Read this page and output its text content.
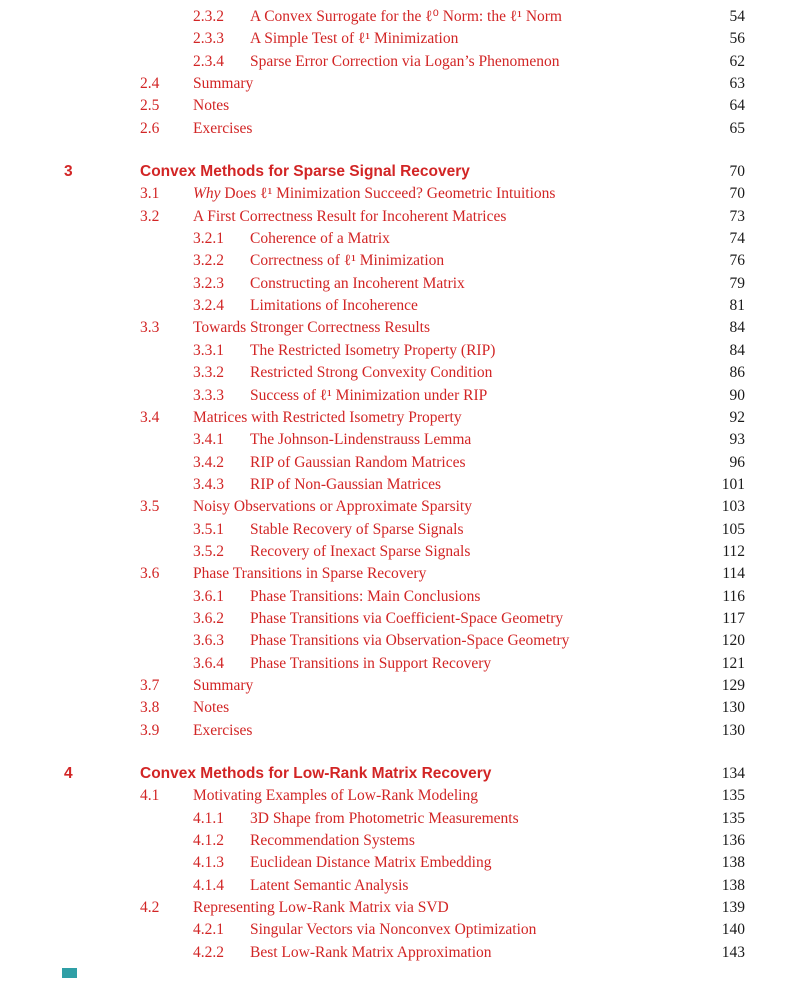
2.3.2 A Convex Surrogate for the ℓ⁰ Norm: the ℓ¹ Norm	54
2.3.3 A Simple Test of ℓ¹ Minimization	56
2.3.4 Sparse Error Correction via Logan’s Phenomenon	62
2.4 Summary	63
2.5 Notes	64
2.6 Exercises	65
3	Convex Methods for Sparse Signal Recovery	70
3.1 Why Does ℓ¹ Minimization Succeed? Geometric Intuitions	70
3.2 A First Correctness Result for Incoherent Matrices	73
3.2.1 Coherence of a Matrix	74
3.2.2 Correctness of ℓ¹ Minimization	76
3.2.3 Constructing an Incoherent Matrix	79
3.2.4 Limitations of Incoherence	81
3.3 Towards Stronger Correctness Results	84
3.3.1 The Restricted Isometry Property (RIP)	84
3.3.2 Restricted Strong Convexity Condition	86
3.3.3 Success of ℓ¹ Minimization under RIP	90
3.4 Matrices with Restricted Isometry Property	92
3.4.1 The Johnson-Lindenstrauss Lemma	93
3.4.2 RIP of Gaussian Random Matrices	96
3.4.3 RIP of Non-Gaussian Matrices	101
3.5 Noisy Observations or Approximate Sparsity	103
3.5.1 Stable Recovery of Sparse Signals	105
3.5.2 Recovery of Inexact Sparse Signals	112
3.6 Phase Transitions in Sparse Recovery	114
3.6.1 Phase Transitions: Main Conclusions	116
3.6.2 Phase Transitions via Coefficient-Space Geometry	117
3.6.3 Phase Transitions via Observation-Space Geometry	120
3.6.4 Phase Transitions in Support Recovery	121
3.7 Summary	129
3.8 Notes	130
3.9 Exercises	130
4	Convex Methods for Low-Rank Matrix Recovery	134
4.1 Motivating Examples of Low-Rank Modeling	135
4.1.1 3D Shape from Photometric Measurements	135
4.1.2 Recommendation Systems	136
4.1.3 Euclidean Distance Matrix Embedding	138
4.1.4 Latent Semantic Analysis	138
4.2 Representing Low-Rank Matrix via SVD	139
4.2.1 Singular Vectors via Nonconvex Optimization	140
4.2.2 Best Low-Rank Matrix Approximation	143
